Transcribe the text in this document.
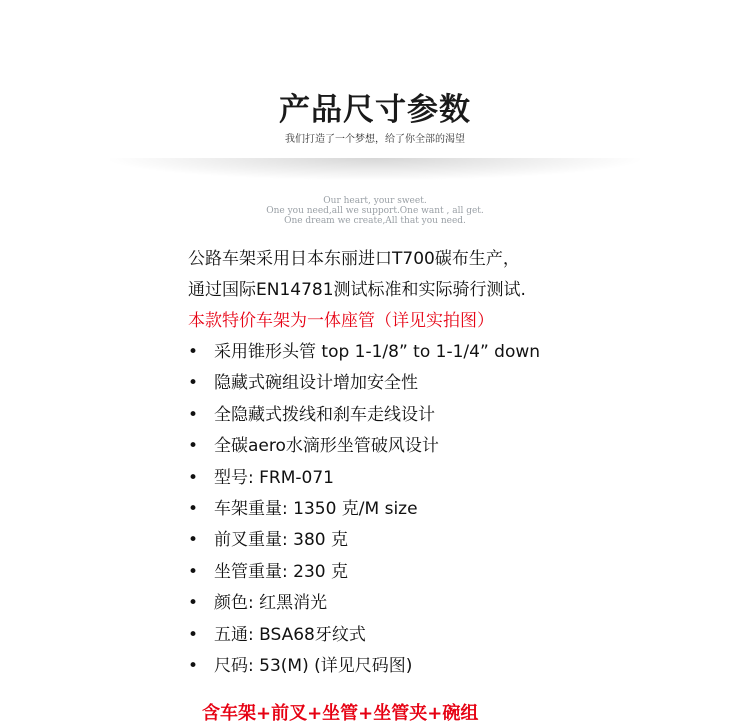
产品尺寸参数
我们打造了一个梦想，给了你全部的渴望
Our heart, your sweet.
One you need,all we support.One want , all get.
One dream we create,All that you need.
公路车架采用日本东丽进口T700碳布生产，
通过国际EN14781测试标准和实际骑行测试.
本款特价车架为一体座管（详见实拍图）
• 采用锥形头管 top 1-1/8” to 1-1/4” down
• 隐藏式碗组设计增加安全性
• 全隐藏式拨线和刹车走线设计
• 全碳aero水滴形坐管破风设计
• 型号: FRM-071
• 车架重量: 1350 克/M size
• 前叉重量: 380 克
• 坐管重量: 230 克
• 颜色: 红黑消光
• 五通: BSA68牙纹式
• 尺码: 53(M) (详见尺码图)
含车架+前叉+坐管+坐管夹+碗组
